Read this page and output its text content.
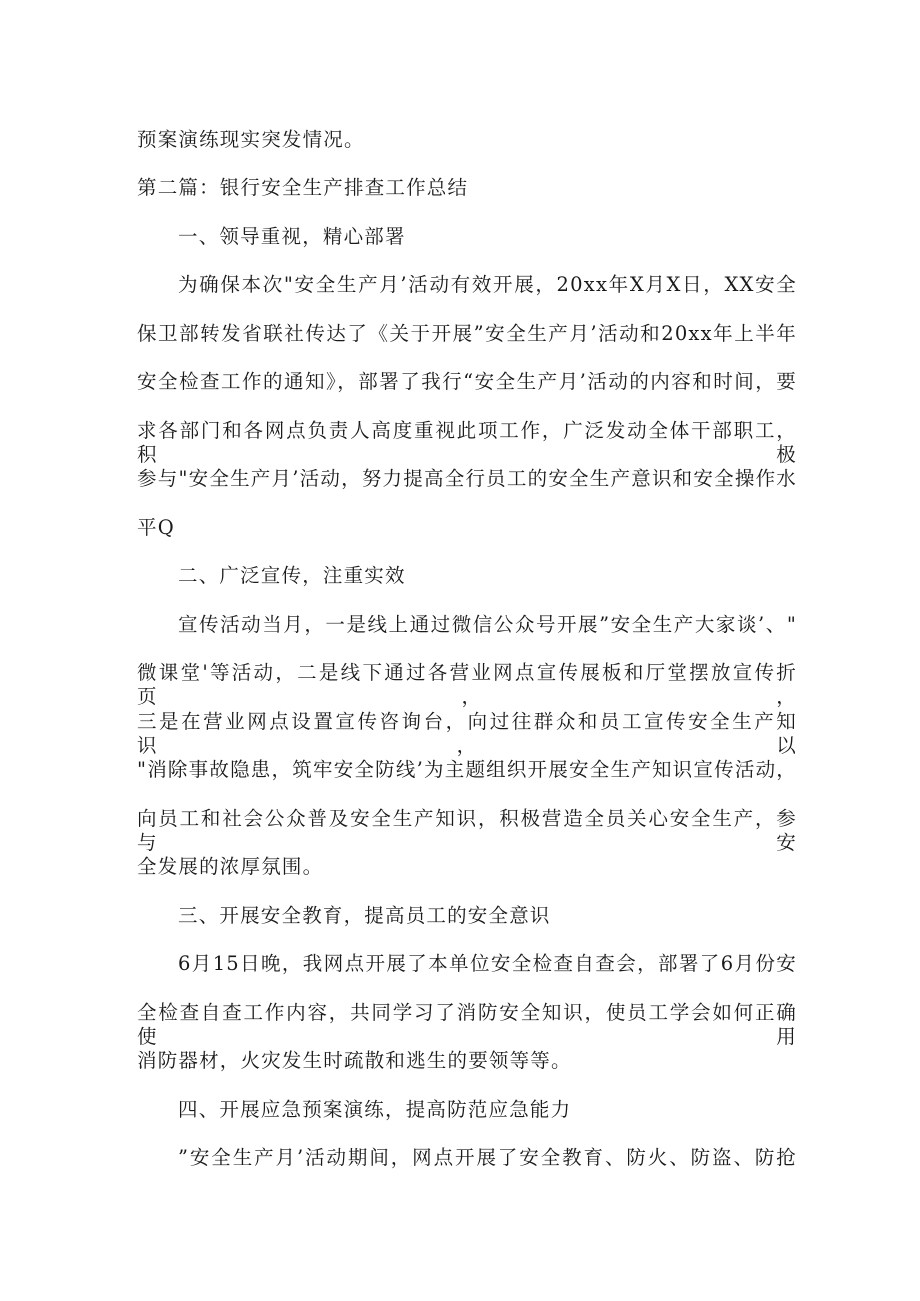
预案演练现实突发情况。
第二篇：银行安全生产排查工作总结
一、领导重视，精心部署
为确保本次"安全生产月’活动有效开展，20xx年X月X日，XX安全
保卫部转发省联社传达了《关于开展”安全生产月’活动和20xx年上半年
安全检查工作的通知》，部署了我行“安全生产月’活动的内容和时间，要
求各部门和各网点负责人高度重视此项工作，广泛发动全体干部职工，积极
参与"安全生产月’活动，努力提高全行员工的安全生产意识和安全操作水
平Q
二、广泛宣传，注重实效
宣传活动当月，一是线上通过微信公众号开展”安全生产大家谈’、"
微课堂'等活动，二是线下通过各营业网点宣传展板和厅堂摆放宣传折页，，
三是在营业网点设置宣传咨询台，向过往群众和员工宣传安全生产知识，以
"消除事故隐患，筑牢安全防线’为主题组织开展安全生产知识宣传活动，
向员工和社会公众普及安全生产知识，积极营造全员关心安全生产，参与安
全发展的浓厚氛围。
三、开展安全教育，提高员工的安全意识
6月15日晚，我网点开展了本单位安全检查自查会，部署了6月份安
全检查自查工作内容，共同学习了消防安全知识，使员工学会如何正确使用
消防器材，火灾发生时疏散和逃生的要领等等。
四、开展应急预案演练，提高防范应急能力
”安全生产月’活动期间，网点开展了安全教育、防火、防盗、防抢
